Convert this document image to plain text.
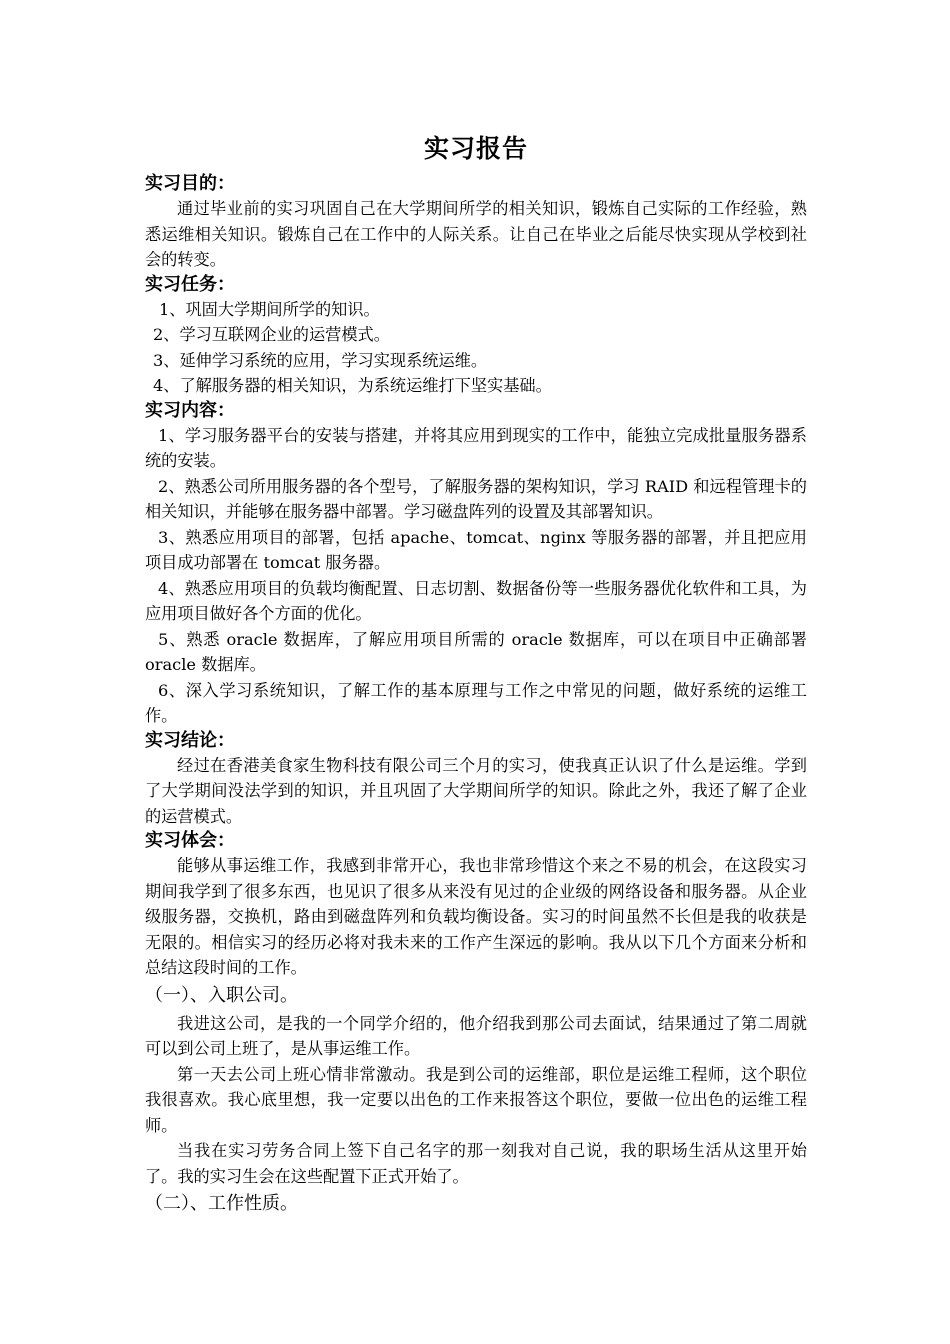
实习报告
实习目的：

通过毕业前的实习巩固自己在大学期间所学的相关知识，锻炼自己实际的工作经验，熟悉运维相关知识。锻炼自己在工作中的人际关系。让自己在毕业之后能尽快实现从学校到社会的转变。

实习任务：

1、巩固大学期间所学的知识。

2、学习互联网企业的运营模式。

3、延伸学习系统的应用，学习实现系统运维。

4、了解服务器的相关知识，为系统运维打下坚实基础。

实习内容：

1、学习服务器平台的安装与搭建，并将其应用到现实的工作中，能独立完成批量服务器系统的安装。

2、熟悉公司所用服务器的各个型号，了解服务器的架构知识，学习 RAID 和远程管理卡的相关知识，并能够在服务器中部署。学习磁盘阵列的设置及其部署知识。

3、熟悉应用项目的部署，包括 apache、tomcat、nginx 等服务器的部署，并且把应用项目成功部署在 tomcat 服务器。

4、熟悉应用项目的负载均衡配置、日志切割、数据备份等一些服务器优化软件和工具，为应用项目做好各个方面的优化。

5、熟悉 oracle 数据库，了解应用项目所需的 oracle 数据库，可以在项目中正确部署 oracle 数据库。

6、深入学习系统知识，了解工作的基本原理与工作之中常见的问题，做好系统的运维工作。

实习结论：

经过在香港美食家生物科技有限公司三个月的实习，使我真正认识了什么是运维。学到了大学期间没法学到的知识，并且巩固了大学期间所学的知识。除此之外，我还了解了企业的运营模式。

实习体会：

能够从事运维工作，我感到非常开心，我也非常珍惜这个来之不易的机会，在这段实习期间我学到了很多东西，也见识了很多从来没有见过的企业级的网络设备和服务器。从企业级服务器，交换机，路由到磁盘阵列和负载均衡设备。实习的时间虽然不长但是我的收获是无限的。相信实习的经历必将对我未来的工作产生深远的影响。我从以下几个方面来分析和总结这段时间的工作。

（一）、入职公司。

我进这公司，是我的一个同学介绍的，他介绍我到那公司去面试，结果通过了第二周就可以到公司上班了，是从事运维工作。

第一天去公司上班心情非常激动。我是到公司的运维部，职位是运维工程师，这个职位我很喜欢。我心底里想，我一定要以出色的工作来报答这个职位，要做一位出色的运维工程师。

当我在实习劳务合同上签下自己名字的那一刻我对自己说，我的职场生活从这里开始了。我的实习生会在这些配置下正式开始了。

（二）、工作性质。
